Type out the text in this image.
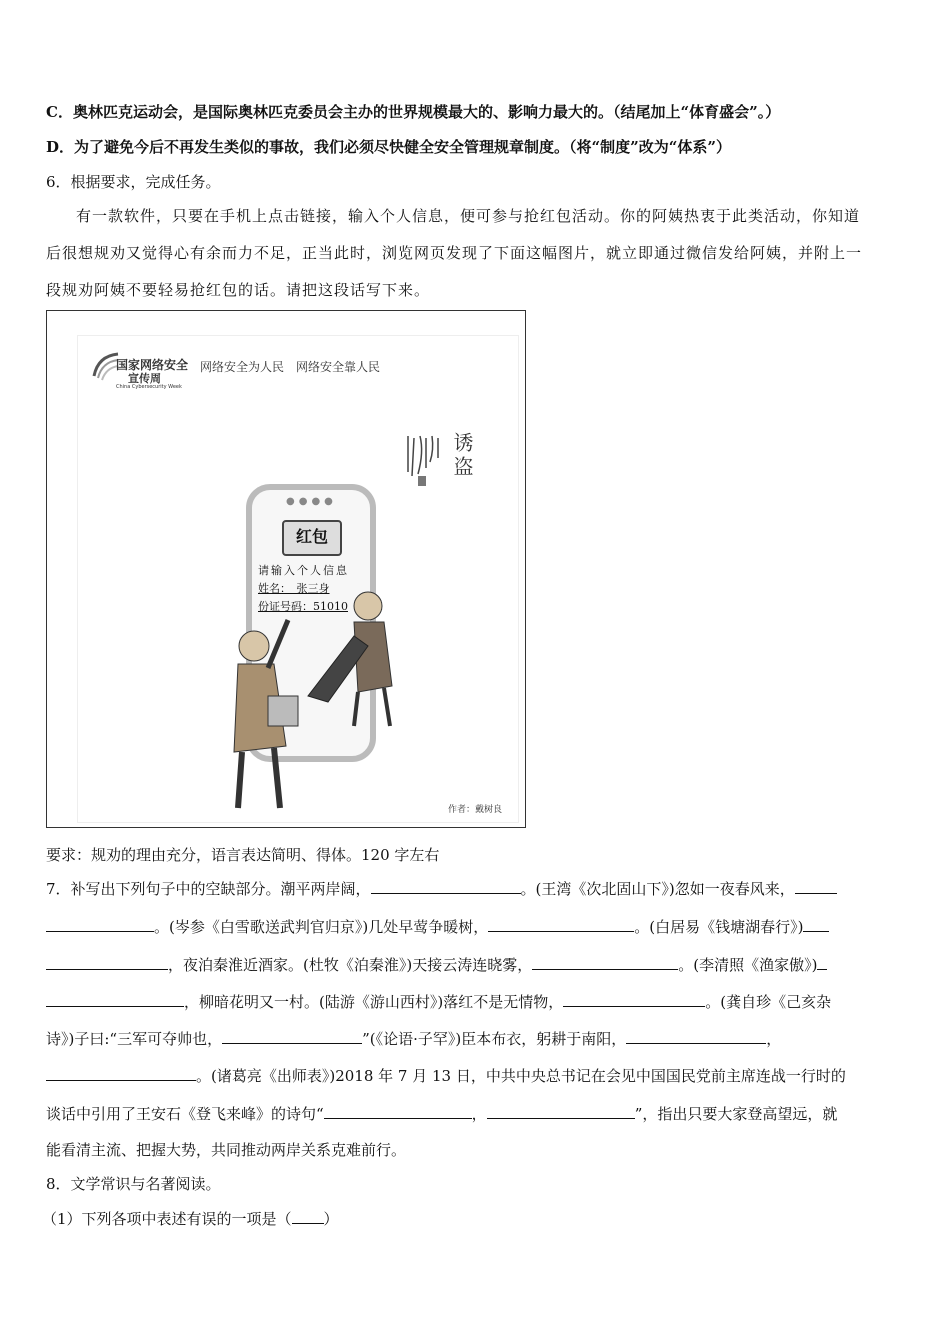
C．奥林匹克运动会，是国际奥林匹克委员会主办的世界规模最大的、影响力最大的。（结尾加上“体育盛会”。）
D．为了避免今后不再发生类似的事故，我们必须尽快健全安全管理规章制度。（将“制度”改为“体系”）
6．根据要求，完成任务。
有一款软件，只要在手机上点击链接，输入个人信息，便可参与抢红包活动。你的阿姨热衷于此类活动，你知道
后很想规劝又觉得心有余而力不足，正当此时，浏览网页发现了下面这幅图片，就立即通过微信发给阿姨，并附上一
段规劝阿姨不要轻易抢红包的话。请把这段话写下来。
国家网络安全
宣传周
China Cybersecurity Week
网络安全为人民　网络安全靠人民
诱盗
●●●●
红包
请输入个人信息
姓名：　张三身
份证号码：51010
作者：戴树良
要求：规劝的理由充分，语言表达简明、得体。120 字左右
7．补写出下列句子中的空缺部分。潮平两岸阔，	。(王湾《次北固山下》)忽如一夜春风来，
。(岑参《白雪歌送武判官归京》)几处早莺争暖树，	。(白居易《钱塘湖春行》)
，夜泊秦淮近酒家。(杜牧《泊秦淮》)天接云涛连晓雾，	。(李清照《渔家傲》)
，柳暗花明又一村。(陆游《游山西村》)落红不是无情物，	。(龚自珍《己亥杂
诗》)子曰:“三军可夺帅也，	”(《论语·子罕》)臣本布衣，躬耕于南阳，	，
。(诸葛亮《出师表》)2018 年 7 月 13 日，中共中央总书记在会见中国国民党前主席连战一行时的
谈话中引用了王安石《登飞来峰》的诗句“	，	”，指出只要大家登高望远，就
能看清主流、把握大势，共同推动两岸关系克难前行。
8．文学常识与名著阅读。
（1）下列各项中表述有误的一项是（ ）
